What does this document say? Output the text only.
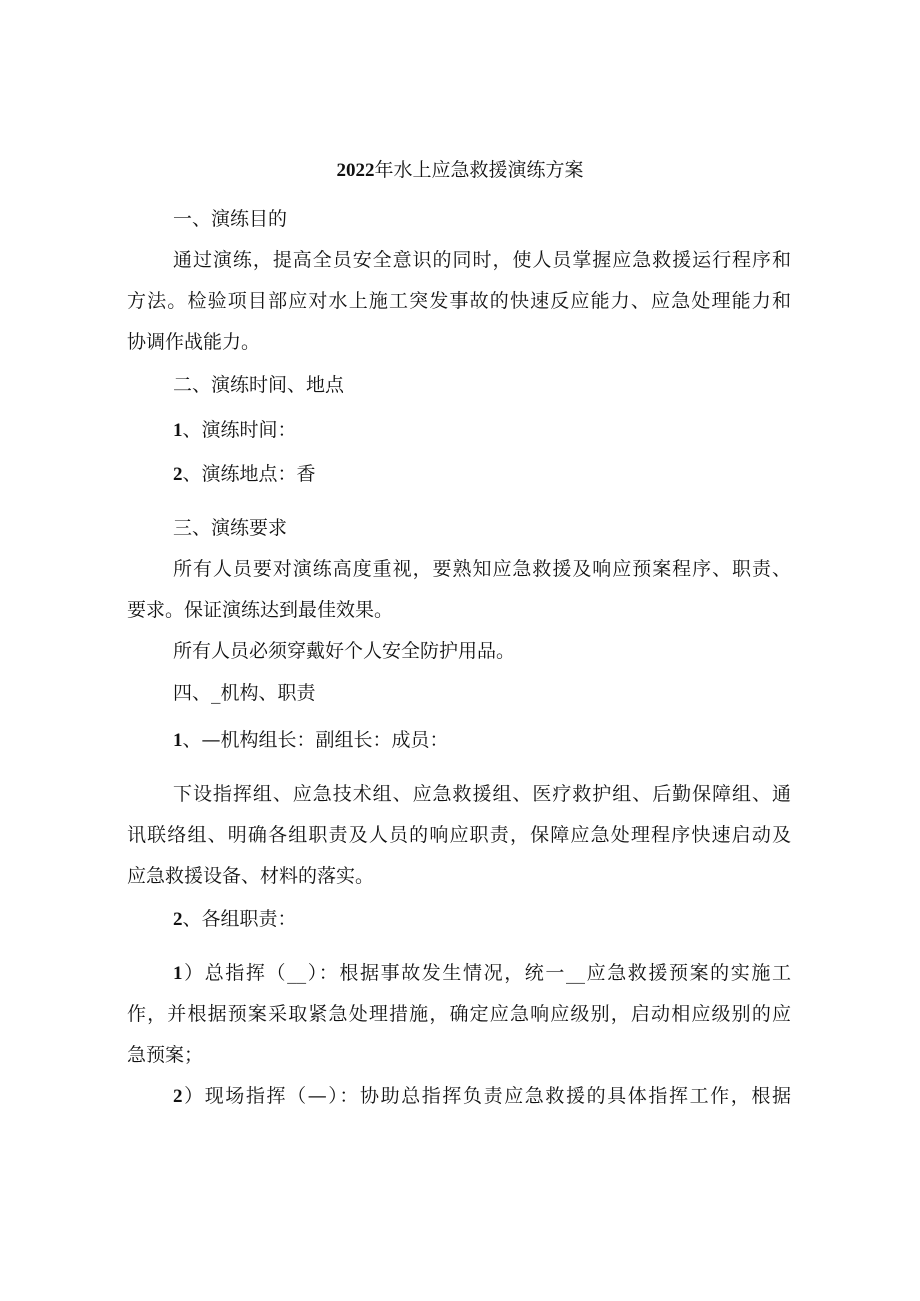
2022年水上应急救援演练方案
一、演练目的
通过演练，提高全员安全意识的同时，使人员掌握应急救援运行程序和
方法。检验项目部应对水上施工突发事故的快速反应能力、应急处理能力和
协调作战能力。
二、演练时间、地点
1、演练时间：
2、演练地点：香
三、演练要求
所有人员要对演练高度重视，要熟知应急救援及响应预案程序、职责、
要求。保证演练达到最佳效果。
所有人员必须穿戴好个人安全防护用品。
四、_机构、职责
1、—机构组长：副组长：成员：
下设指挥组、应急技术组、应急救援组、医疗救护组、后勤保障组、通
讯联络组、明确各组职责及人员的响应职责，保障应急处理程序快速启动及
应急救援设备、材料的落实。
2、各组职责：
1）总指挥（__）：根据事故发生情况，统一__应急救援预案的实施工
作，并根据预案采取紧急处理措施，确定应急响应级别，启动相应级别的应
急预案；
2）现场指挥（—）：协助总指挥负责应急救援的具体指挥工作，根据
